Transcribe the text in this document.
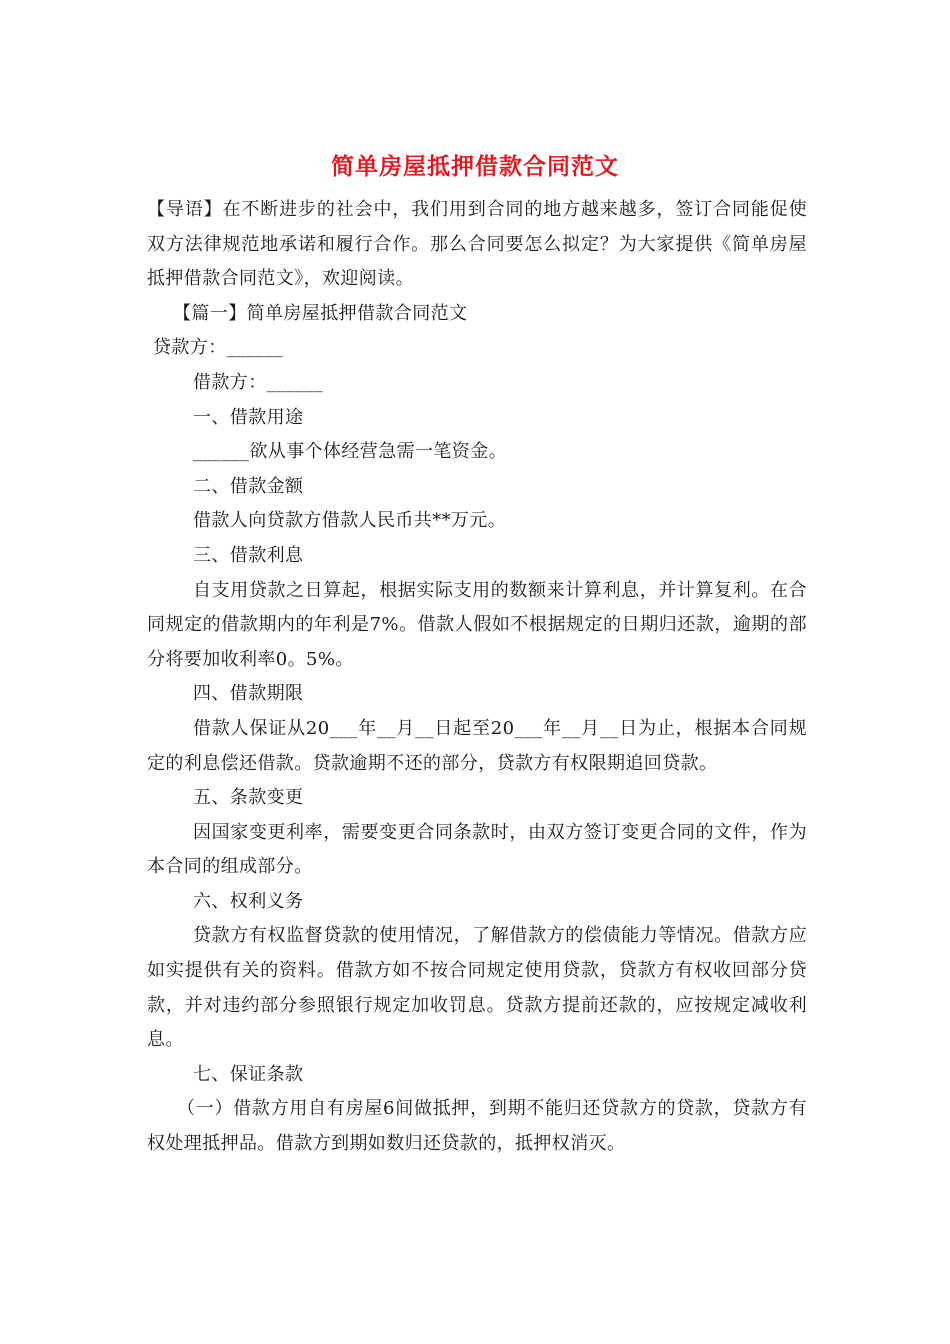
简单房屋抵押借款合同范文

【导语】在不断进步的社会中，我们用到合同的地方越来越多，签订合同能促使双方法律规范地承诺和履行合作。那么合同要怎么拟定？为大家提供《简单房屋抵押借款合同范文》，欢迎阅读。

【篇一】简单房屋抵押借款合同范文

贷款方：______

借款方：______

一、借款用途

______欲从事个体经营急需一笔资金。

二、借款金额

借款人向贷款方借款人民币共**万元。

三、借款利息

自支用贷款之日算起，根据实际支用的数额来计算利息，并计算复利。在合同规定的借款期内的年利是7%。借款人假如不根据规定的日期归还款，逾期的部分将要加收利率0。5%。

四、借款期限

借款人保证从20___年__月__日起至20___年__月__日为止，根据本合同规定的利息偿还借款。贷款逾期不还的部分，贷款方有权限期追回贷款。

五、条款变更

因国家变更利率，需要变更合同条款时，由双方签订变更合同的文件，作为本合同的组成部分。

六、权利义务

贷款方有权监督贷款的使用情况，了解借款方的偿债能力等情况。借款方应如实提供有关的资料。借款方如不按合同规定使用贷款，贷款方有权收回部分贷款，并对违约部分参照银行规定加收罚息。贷款方提前还款的，应按规定减收利息。

七、保证条款

（一）借款方用自有房屋6间做抵押，到期不能归还贷款方的贷款，贷款方有权处理抵押品。借款方到期如数归还贷款的，抵押权消灭。
